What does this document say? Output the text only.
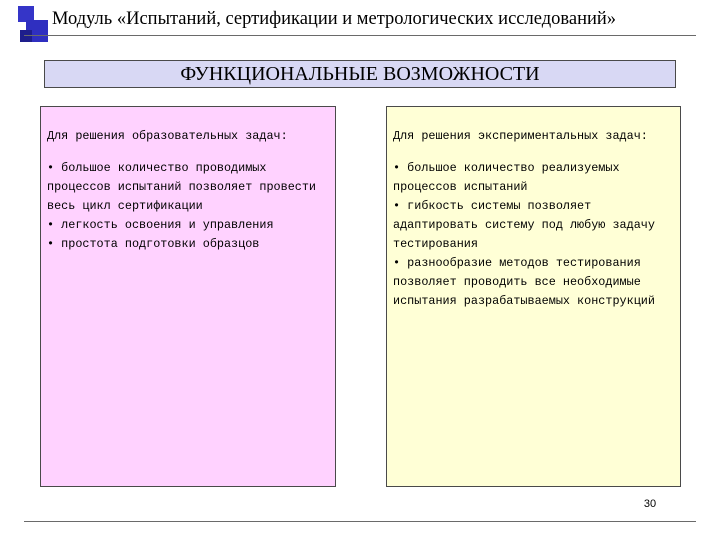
Модуль «Испытаний, сертификации и метрологических исследований»
ФУНКЦИОНАЛЬНЫЕ ВОЗМОЖНОСТИ
Для решения образовательных задач:
• большое количество проводимых процессов испытаний позволяет провести весь цикл сертификации
• легкость освоения и управления
• простота подготовки образцов
Для решения экспериментальных задач:
• большое количество реализуемых процессов испытаний
• гибкость системы позволяет адаптировать систему под любую задачу тестирования
• разнообразие методов тестирования позволяет проводить все необходимые испытания разрабатываемых конструкций
30
